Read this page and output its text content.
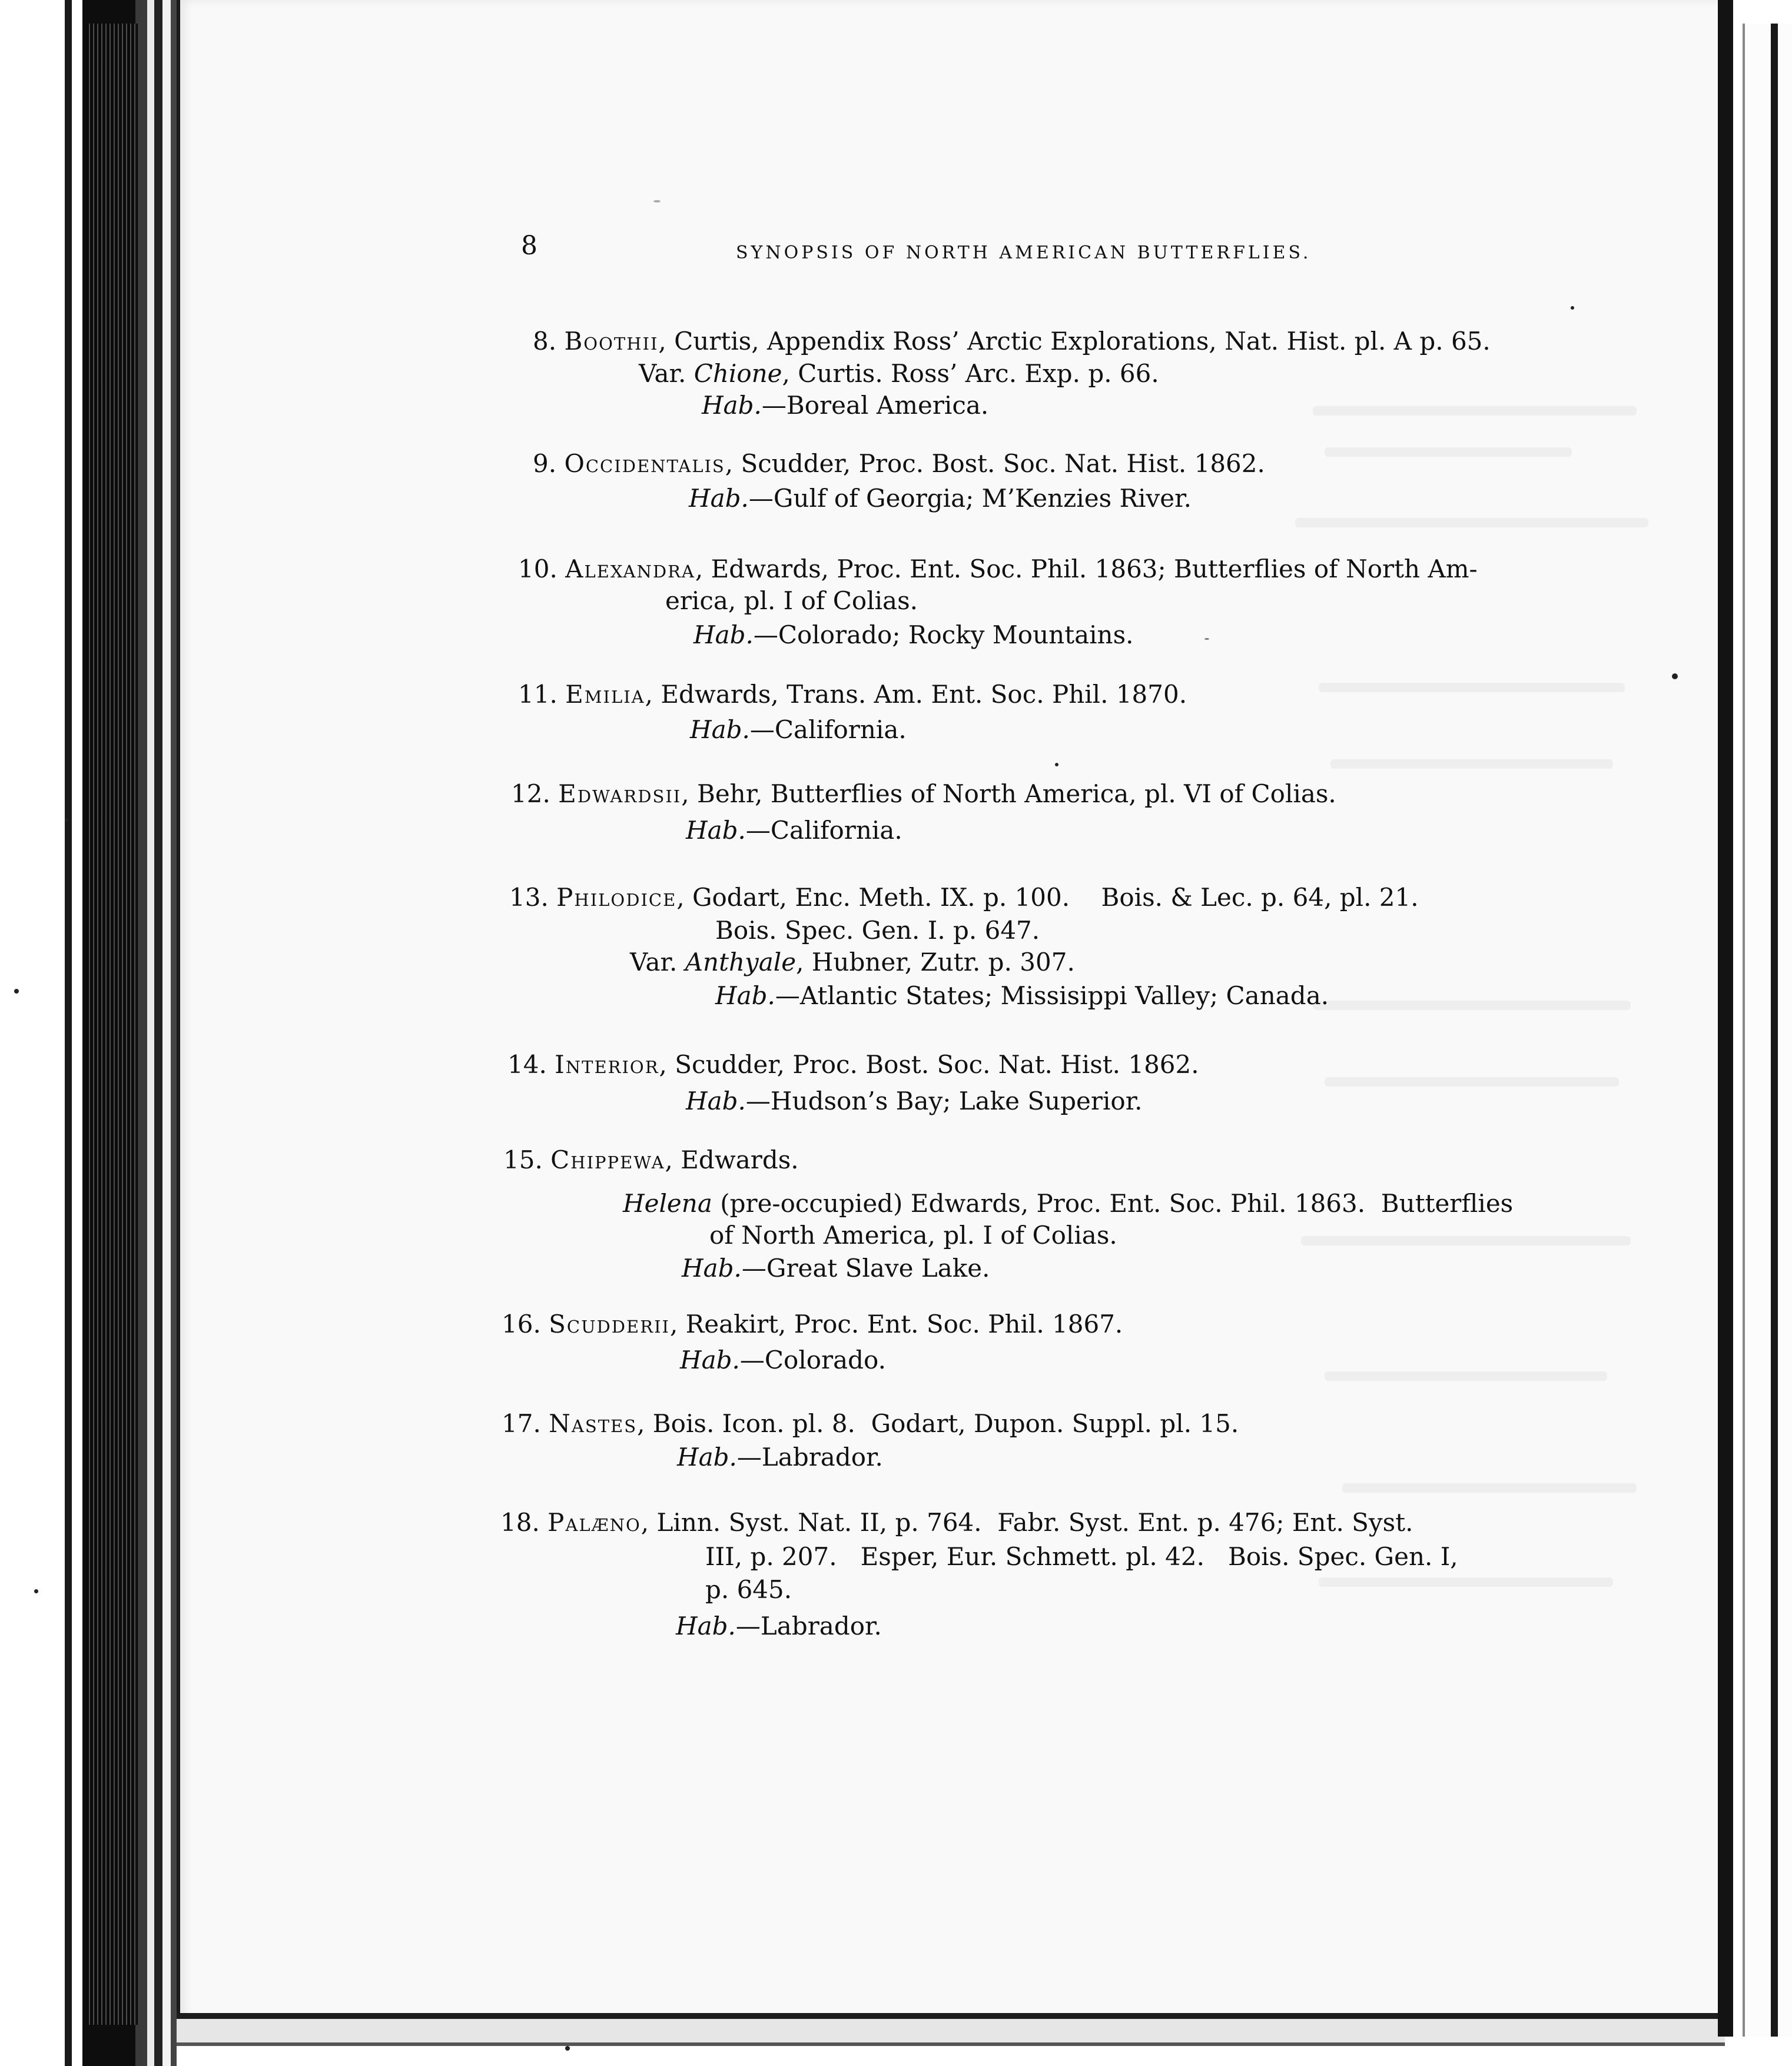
8	SYNOPSIS OF NORTH AMERICAN BUTTERFLIES.
8. Boothii, Curtis, Appendix Ross’ Arctic Explorations, Nat. Hist. pl. A p. 65.
Var. Chione, Curtis. Ross’ Arc. Exp. p. 66.
Hab.—Boreal America.
9. Occidentalis, Scudder, Proc. Bost. Soc. Nat. Hist. 1862.
Hab.—Gulf of Georgia; M’Kenzies River.
10. Alexandra, Edwards, Proc. Ent. Soc. Phil. 1863; Butterflies of North Am-
erica, pl. I of Colias.
Hab.—Colorado; Rocky Mountains.
11. Emilia, Edwards, Trans. Am. Ent. Soc. Phil. 1870.
Hab.—California.
12. Edwardsii, Behr, Butterflies of North America, pl. VI of Colias.
Hab.—California.
13. Philodice, Godart, Enc. Meth. IX. p. 100.    Bois. & Lec. p. 64, pl. 21.
Bois. Spec. Gen. I. p. 647.
Var. Anthyale, Hubner, Zutr. p. 307.
Hab.—Atlantic States; Missisippi Valley; Canada.
14. Interior, Scudder, Proc. Bost. Soc. Nat. Hist. 1862.
Hab.—Hudson’s Bay; Lake Superior.
15. Chippewa, Edwards.
Helena (pre-occupied) Edwards, Proc. Ent. Soc. Phil. 1863.  Butterflies
of North America, pl. I of Colias.
Hab.—Great Slave Lake.
16. Scudderii, Reakirt, Proc. Ent. Soc. Phil. 1867.
Hab.—Colorado.
17. Nastes, Bois. Icon. pl. 8.  Godart, Dupon. Suppl. pl. 15.
Hab.—Labrador.
18. Palæno, Linn. Syst. Nat. II, p. 764.  Fabr. Syst. Ent. p. 476; Ent. Syst.
III, p. 207.   Esper, Eur. Schmett. pl. 42.   Bois. Spec. Gen. I,
p. 645.
Hab.—Labrador.
